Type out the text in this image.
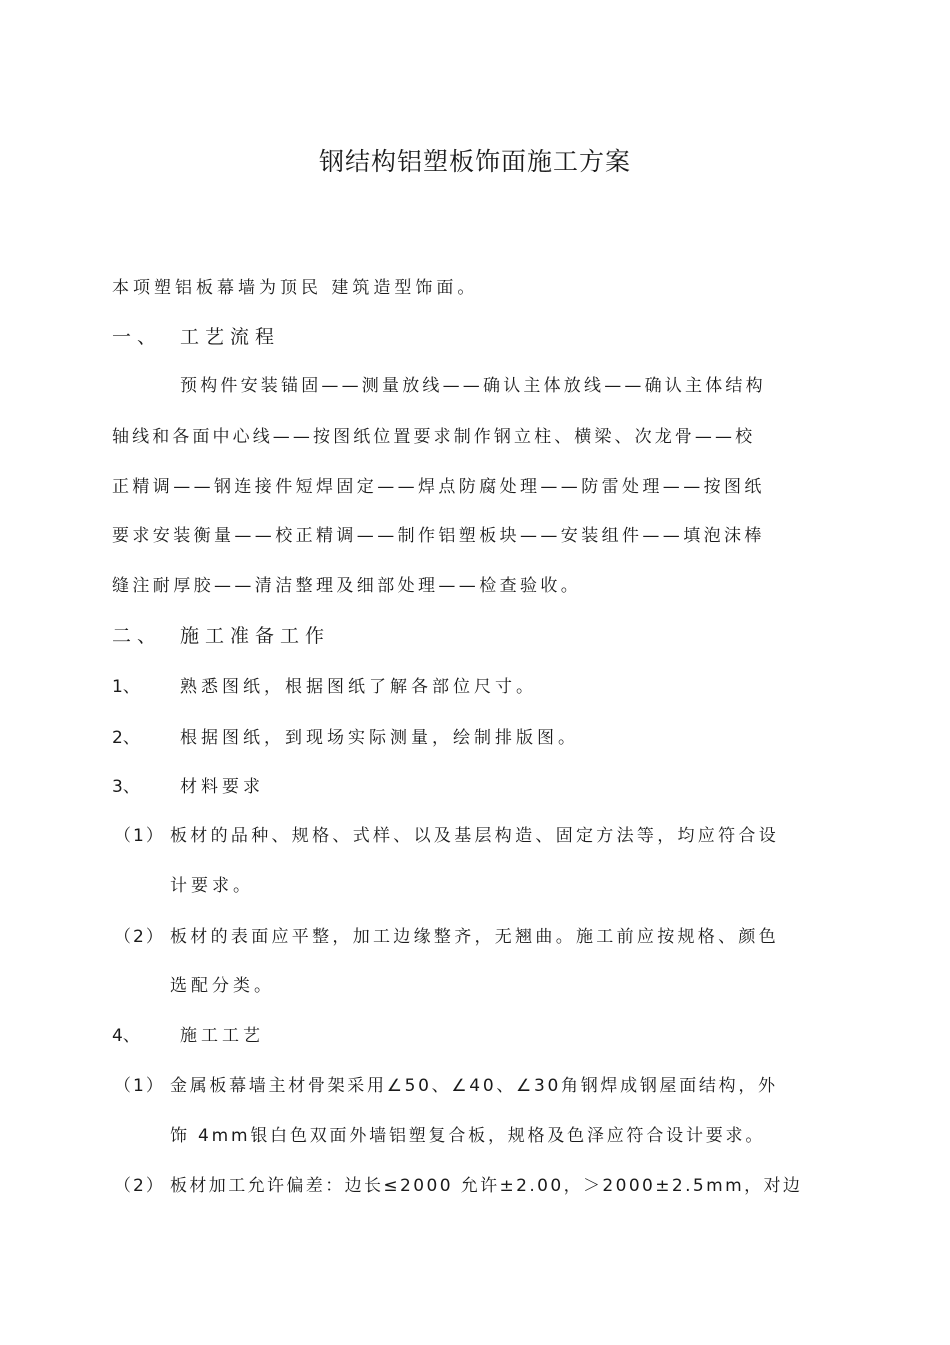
钢结构铝塑板饰面施工方案
本项塑铝板幕墙为顶民 建筑造型饰面。
一、 工艺流程
预构件安装锚固——测量放线——确认主体放线——确认主体结构
轴线和各面中心线——按图纸位置要求制作钢立柱、横梁、次龙骨——校
正精调——钢连接件短焊固定——焊点防腐处理——防雷处理——按图纸
要求安装衡量——校正精调——制作铝塑板块——安装组件——填泡沫棒
缝注耐厚胶——清洁整理及细部处理——检查验收。
二、 施工准备工作
1、 熟悉图纸，根据图纸了解各部位尺寸。
2、 根据图纸，到现场实际测量，绘制排版图。
3、 材料要求
（1） 板材的品种、规格、式样、以及基层构造、固定方法等，均应符合设
计要求。
（2） 板材的表面应平整，加工边缘整齐，无翘曲。施工前应按规格、颜色
选配分类。
4、 施工工艺
（1） 金属板幕墙主材骨架采用∠50、∠40、∠30角钢焊成钢屋面结构，外
饰 4mm银白色双面外墙铝塑复合板，规格及色泽应符合设计要求。
（2） 板材加工允许偏差：边长≤2000 允许±2.00，＞2000±2.5mm，对边
